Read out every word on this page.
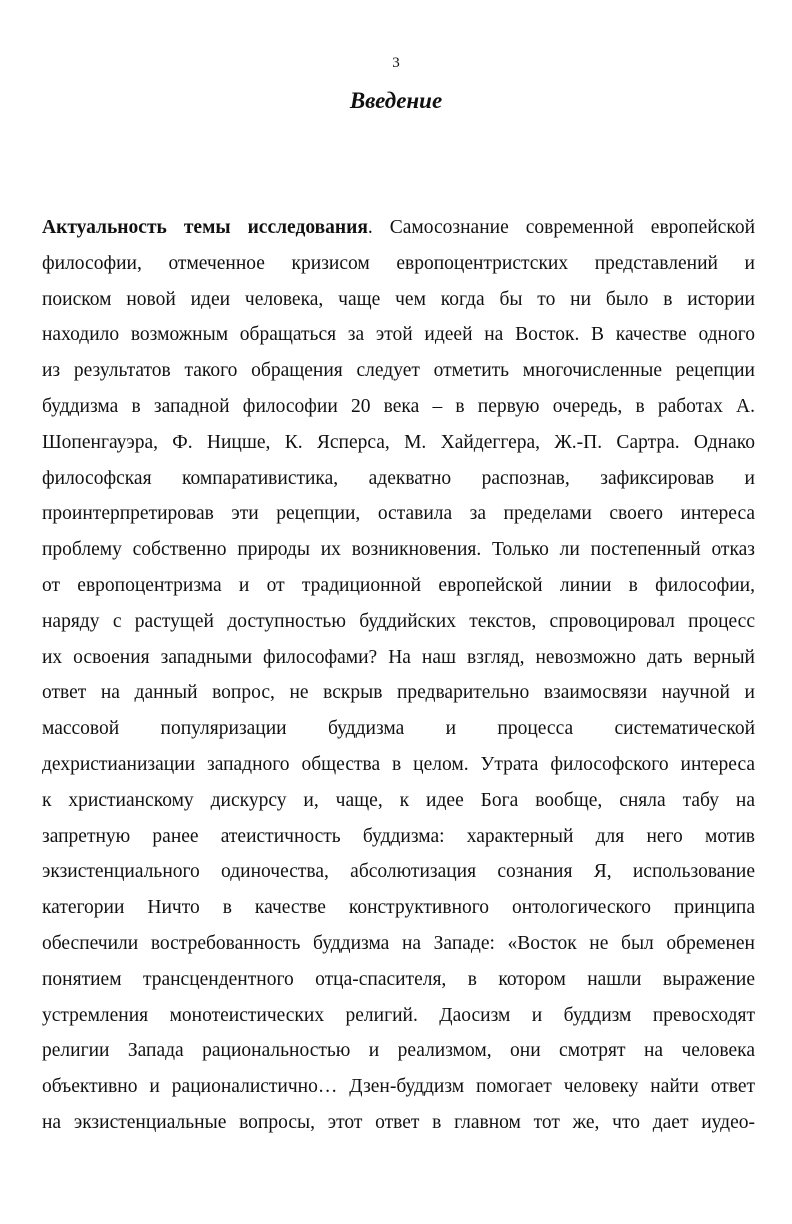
3
Введение
Актуальность темы исследования. Самосознание современной европейской
философии, отмеченное кризисом европоцентристских представлений и
поиском новой идеи человека, чаще чем когда бы то ни было в истории
находило возможным обращаться за этой идеей на Восток. В качестве одного
из результатов такого обращения следует отметить многочисленные рецепции
буддизма в западной философии 20 века – в первую очередь, в работах А.
Шопенгауэра, Ф. Ницше, К. Ясперса, М. Хайдеггера, Ж.-П. Сартра. Однако
философская компаративистика, адекватно распознав, зафиксировав и
проинтерпретировав эти рецепции, оставила за пределами своего интереса
проблему собственно природы их возникновения. Только ли постепенный отказ
от европоцентризма и от традиционной европейской линии в философии,
наряду с растущей доступностью буддийских текстов, спровоцировал процесс
их освоения западными философами? На наш взгляд, невозможно дать верный
ответ на данный вопрос, не вскрыв предварительно взаимосвязи научной и
массовой популяризации буддизма и процесса систематической
дехристианизации западного общества в целом. Утрата философского интереса
к христианскому дискурсу и, чаще, к идее Бога вообще, сняла табу на
запретную ранее атеистичность буддизма: характерный для него мотив
экзистенциального одиночества, абсолютизация сознания Я, использование
категории Ничто в качестве конструктивного онтологического принципа
обеспечили востребованность буддизма на Западе: «Восток не был обременен
понятием трансцендентного отца-спасителя, в котором нашли выражение
устремления монотеистических религий. Даосизм и буддизм превосходят
религии Запада рациональностью и реализмом, они смотрят на человека
объективно и рационалистично… Дзен-буддизм помогает человеку найти ответ
на экзистенциальные вопросы, этот ответ в главном тот же, что дает иудео-
